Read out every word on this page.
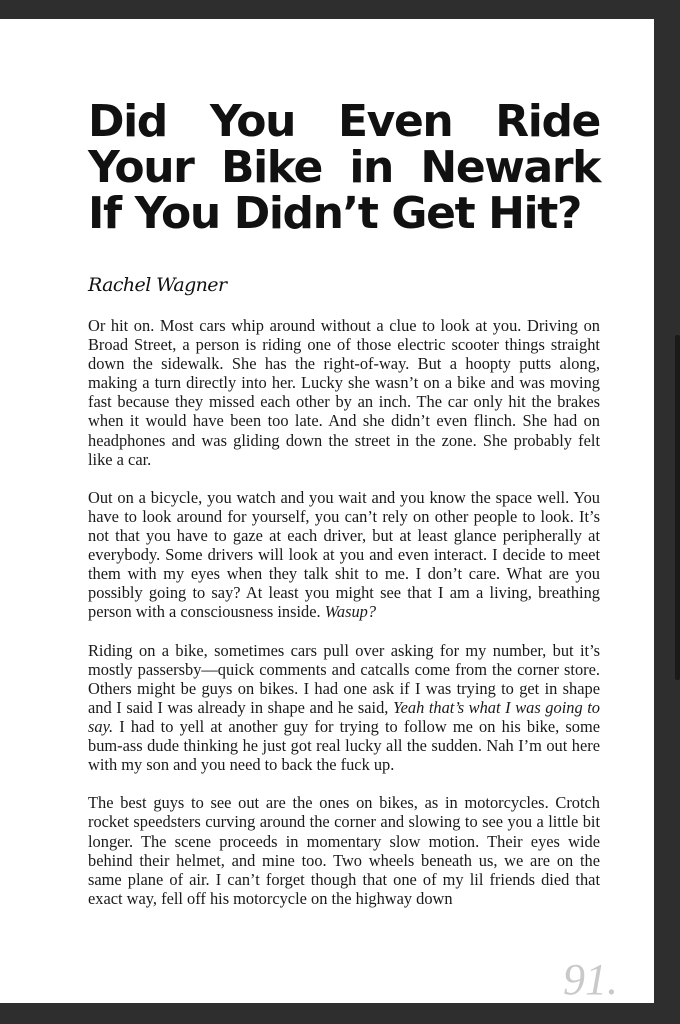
Did You Even Ride Your Bike in Newark If You Didn’t Get Hit?
Rachel Wagner

Or hit on. Most cars whip around without a clue to look at you. Driving on Broad Street, a person is riding one of those electric scooter things straight down the sidewalk. She has the right-of-way. But a hoopty putts along, making a turn directly into her. Lucky she wasn’t on a bike and was moving fast because they missed each other by an inch. The car only hit the brakes when it would have been too late. And she didn’t even flinch. She had on headphones and was gliding down the street in the zone. She probably felt like a car.

Out on a bicycle, you watch and you wait and you know the space well. You have to look around for yourself, you can’t rely on other people to look. It’s not that you have to gaze at each driver, but at least glance peripherally at everybody. Some drivers will look at you and even interact. I decide to meet them with my eyes when they talk shit to me. I don’t care. What are you possibly going to say? At least you might see that I am a living, breathing person with a consciousness inside. Wasup?

Riding on a bike, sometimes cars pull over asking for my number, but it’s mostly passersby—quick comments and catcalls come from the corner store. Others might be guys on bikes. I had one ask if I was trying to get in shape and I said I was already in shape and he said, Yeah that’s what I was going to say. I had to yell at another guy for trying to follow me on his bike, some bum-ass dude thinking he just got real lucky all the sudden. Nah I’m out here with my son and you need to back the fuck up.

The best guys to see out are the ones on bikes, as in motorcycles. Crotch rocket speedsters curving around the corner and slowing to see you a little bit longer. The scene proceeds in momentary slow motion. Their eyes wide behind their helmet, and mine too. Two wheels beneath us, we are on the same plane of air. I can’t forget though that one of my lil friends died that exact way, fell off his motorcycle on the highway down

91.
